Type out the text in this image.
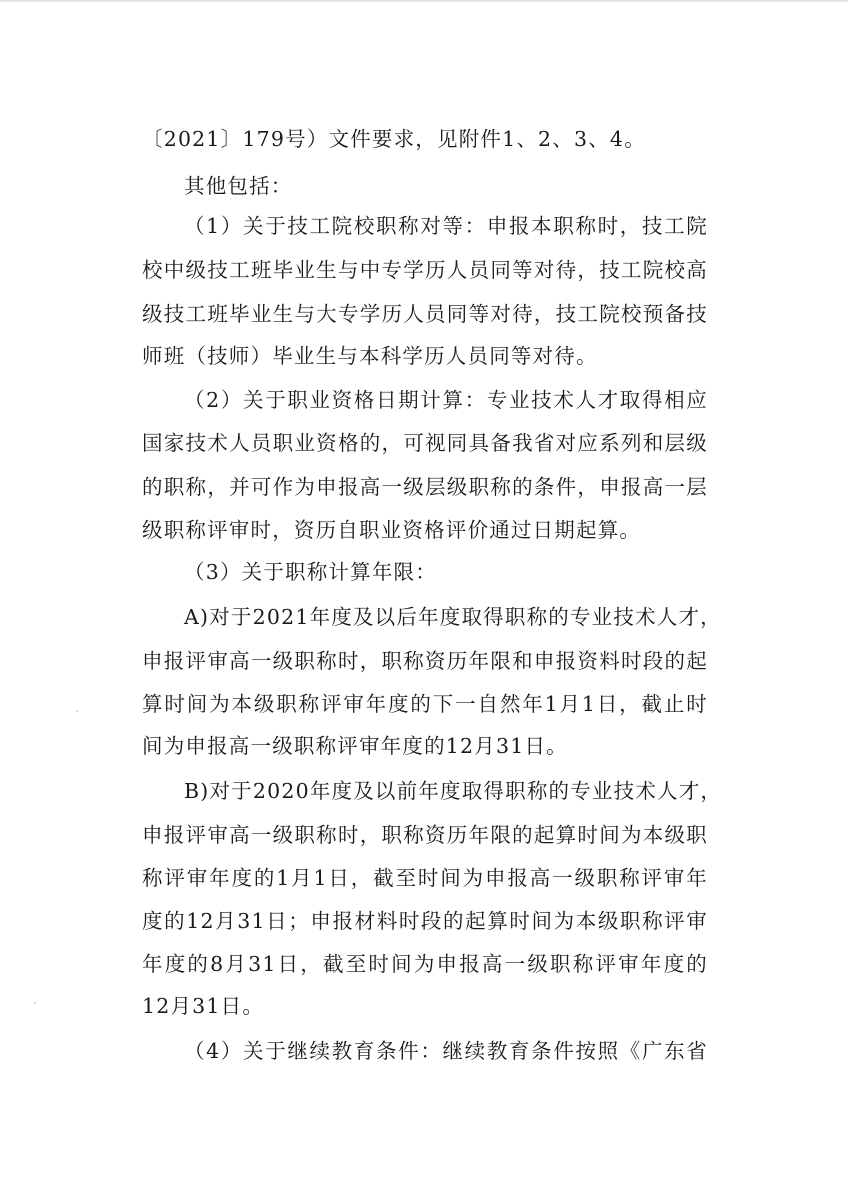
〔2021〕179号）文件要求，见附件1、2、3、4。
其他包括：
（1）关于技工院校职称对等：申报本职称时，技工院
校中级技工班毕业生与中专学历人员同等对待，技工院校高
级技工班毕业生与大专学历人员同等对待，技工院校预备技
师班（技师）毕业生与本科学历人员同等对待。
（2）关于职业资格日期计算：专业技术人才取得相应
国家技术人员职业资格的，可视同具备我省对应系列和层级
的职称，并可作为申报高一级层级职称的条件，申报高一层
级职称评审时，资历自职业资格评价通过日期起算。
（3）关于职称计算年限：
A)对于2021年度及以后年度取得职称的专业技术人才，
申报评审高一级职称时，职称资历年限和申报资料时段的起
算时间为本级职称评审年度的下一自然年1月1日，截止时
间为申报高一级职称评审年度的12月31日。
B)对于2020年度及以前年度取得职称的专业技术人才，
申报评审高一级职称时，职称资历年限的起算时间为本级职
称评审年度的1月1日，截至时间为申报高一级职称评审年
度的12月31日；申报材料时段的起算时间为本级职称评审
年度的8月31日，截至时间为申报高一级职称评审年度的
12月31日。
（4）关于继续教育条件：继续教育条件按照《广东省
